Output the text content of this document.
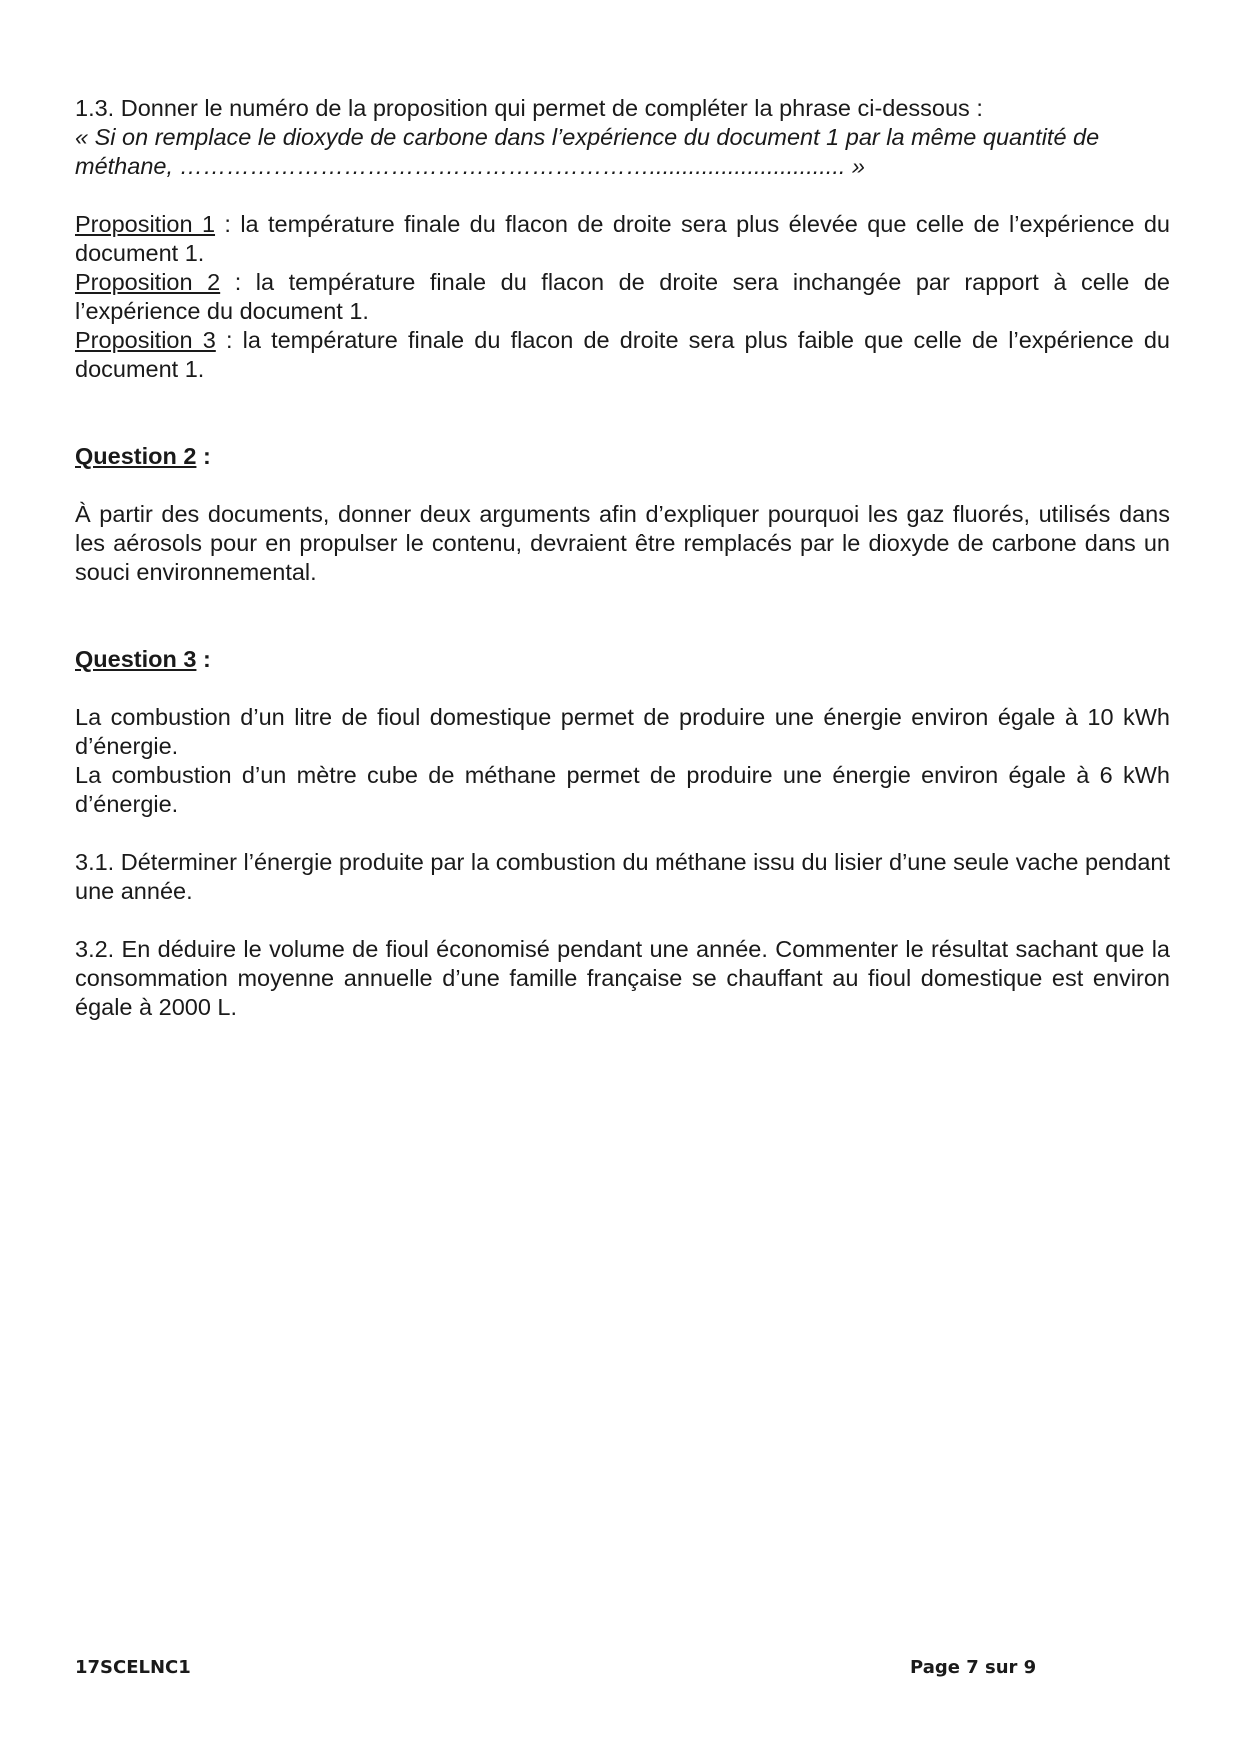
1.3. Donner le numéro de la proposition qui permet de compléter la phrase ci-dessous :

« Si on remplace le dioxyde de carbone dans l’expérience du document 1 par la même quantité de

méthane, …………………………………………………….............................. »

Proposition 1 : la température finale du flacon de droite sera plus élevée que celle de l’expérience du document 1.

Proposition 2 : la température finale du flacon de droite sera inchangée par rapport à celle de l’expérience du document 1.

Proposition 3 : la température finale du flacon de droite sera plus faible que celle de l’expérience du document 1.

Question 2 :

À partir des documents, donner deux arguments afin d’expliquer pourquoi les gaz fluorés, utilisés dans les aérosols pour en propulser le contenu, devraient être remplacés par le dioxyde de carbone dans un souci environnemental.

Question 3 :

La combustion d’un litre de fioul domestique permet de produire une énergie environ égale à 10 kWh d’énergie.

La combustion d’un mètre cube de méthane permet de produire une énergie environ égale à 6 kWh d’énergie.

3.1. Déterminer l’énergie produite par la combustion du méthane issu du lisier d’une seule vache pendant une année.

3.2. En déduire le volume de fioul économisé pendant une année. Commenter le résultat sachant que la consommation moyenne annuelle d’une famille française se chauffant au fioul domestique est environ égale à 2000 L.

17SCELNC1	Page 7 sur 9
